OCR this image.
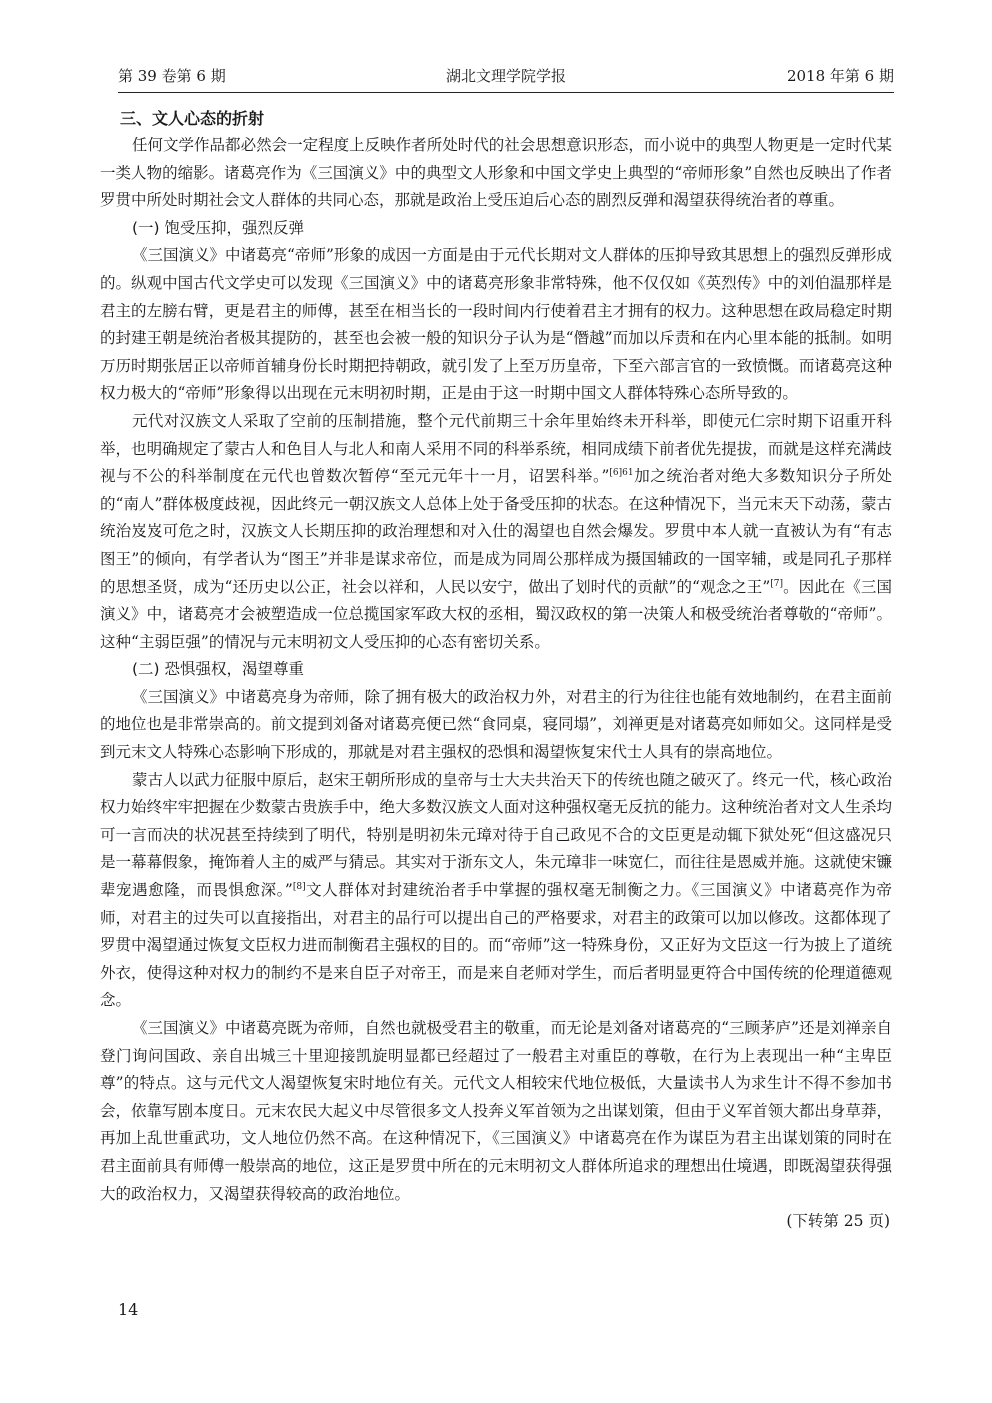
第 39 卷第 6 期	湖北文理学院学报	2018 年第 6 期
三、文人心态的折射

任何文学作品都必然会一定程度上反映作者所处时代的社会思想意识形态，而小说中的典型人物更是一定时代某一类人物的缩影。诸葛亮作为《三国演义》中的典型文人形象和中国文学史上典型的“帝师形象”自然也反映出了作者罗贯中所处时期社会文人群体的共同心态，那就是政治上受压迫后心态的剧烈反弹和渴望获得统治者的尊重。

(一) 饱受压抑，强烈反弹

《三国演义》中诸葛亮“帝师”形象的成因一方面是由于元代长期对文人群体的压抑导致其思想上的强烈反弹形成的。纵观中国古代文学史可以发现《三国演义》中的诸葛亮形象非常特殊，他不仅仅如《英烈传》中的刘伯温那样是君主的左膀右臂，更是君主的师傅，甚至在相当长的一段时间内行使着君主才拥有的权力。这种思想在政局稳定时期的封建王朝是统治者极其提防的，甚至也会被一般的知识分子认为是“僭越”而加以斥责和在内心里本能的抵制。如明万历时期张居正以帝师首辅身份长时期把持朝政，就引发了上至万历皇帝，下至六部言官的一致愤慨。而诸葛亮这种权力极大的“帝师”形象得以出现在元末明初时期，正是由于这一时期中国文人群体特殊心态所导致的。

元代对汉族文人采取了空前的压制措施，整个元代前期三十余年里始终未开科举，即使元仁宗时期下诏重开科举，也明确规定了蒙古人和色目人与北人和南人采用不同的科举系统，相同成绩下前者优先提拔，而就是这样充满歧视与不公的科举制度在元代也曾数次暂停“至元元年十一月，诏罢科举。”$^{[6]61}$加之统治者对绝大多数知识分子所处的“南人”群体极度歧视，因此终元一朝汉族文人总体上处于备受压抑的状态。在这种情况下，当元末天下动荡，蒙古统治岌岌可危之时，汉族文人长期压抑的政治理想和对入仕的渴望也自然会爆发。罗贯中本人就一直被认为有“有志图王”的倾向，有学者认为“图王”并非是谋求帝位，而是成为同周公那样成为摄国辅政的一国宰辅，或是同孔子那样的思想圣贤，成为“还历史以公正，社会以祥和，人民以安宁，做出了划时代的贡献”的“观念之王”[7]。因此在《三国演义》中，诸葛亮才会被塑造成一位总揽国家军政大权的丞相，蜀汉政权的第一决策人和极受统治者尊敬的“帝师”。这种“主弱臣强”的情况与元末明初文人受压抑的心态有密切关系。

(二) 恐惧强权，渴望尊重

《三国演义》中诸葛亮身为帝师，除了拥有极大的政治权力外，对君主的行为往往也能有效地制约，在君主面前的地位也是非常崇高的。前文提到刘备对诸葛亮便已然“食同桌，寝同塌”，刘禅更是对诸葛亮如师如父。这同样是受到元末文人特殊心态影响下形成的，那就是对君主强权的恐惧和渴望恢复宋代士人具有的崇高地位。

蒙古人以武力征服中原后，赵宋王朝所形成的皇帝与士大夫共治天下的传统也随之破灭了。终元一代，核心政治权力始终牢牢把握在少数蒙古贵族手中，绝大多数汉族文人面对这种强权毫无反抗的能力。这种统治者对文人生杀均可一言而决的状况甚至持续到了明代，特别是明初朱元璋对待于自己政见不合的文臣更是动辄下狱处死“但这盛况只是一幕幕假象，掩饰着人主的威严与猜忌。其实对于浙东文人，朱元璋非一味宽仁，而往往是恩威并施。这就使宋镰辈宠遇愈隆，而畏惧愈深。”[8]文人群体对封建统治者手中掌握的强权毫无制衡之力。《三国演义》中诸葛亮作为帝师，对君主的过失可以直接指出，对君主的品行可以提出自己的严格要求，对君主的政策可以加以修改。这都体现了罗贯中渴望通过恢复文臣权力进而制衡君主强权的目的。而“帝师”这一特殊身份，又正好为文臣这一行为披上了道统外衣，使得这种对权力的制约不是来自臣子对帝王，而是来自老师对学生，而后者明显更符合中国传统的伦理道德观念。

《三国演义》中诸葛亮既为帝师，自然也就极受君主的敬重，而无论是刘备对诸葛亮的“三顾茅庐”还是刘禅亲自登门询问国政、亲自出城三十里迎接凯旋明显都已经超过了一般君主对重臣的尊敬，在行为上表现出一种“主卑臣尊”的特点。这与元代文人渴望恢复宋时地位有关。元代文人相较宋代地位极低，大量读书人为求生计不得不参加书会，依靠写剧本度日。元末农民大起义中尽管很多文人投奔义军首领为之出谋划策，但由于义军首领大都出身草莽，再加上乱世重武功，文人地位仍然不高。在这种情况下，《三国演义》中诸葛亮在作为谋臣为君主出谋划策的同时在君主面前具有师傅一般崇高的地位，这正是罗贯中所在的元末明初文人群体所追求的理想出仕境遇，即既渴望获得强大的政治权力，又渴望获得较高的政治地位。

(下转第 25 页)
14
